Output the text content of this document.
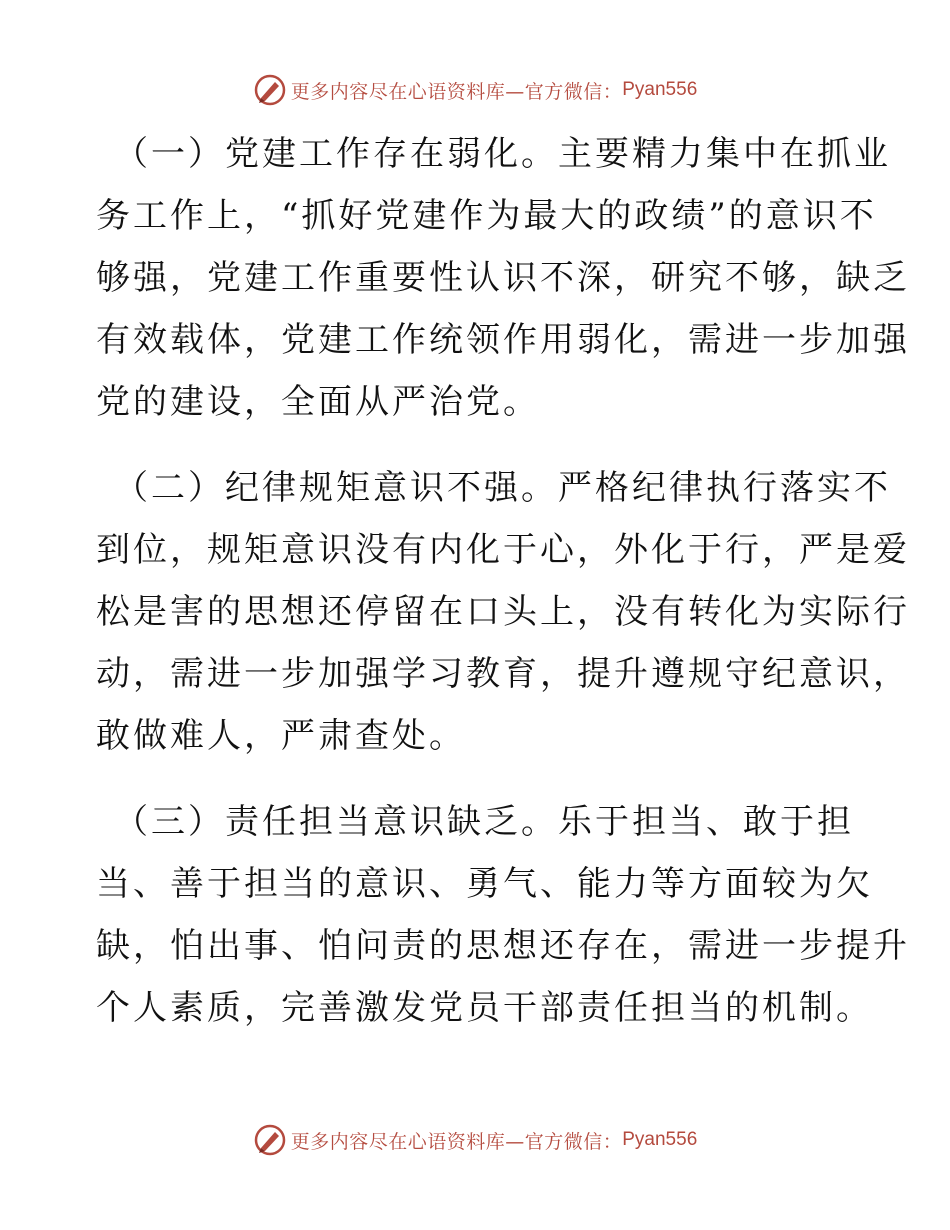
更多内容尽在心语资料库—官方微信： Pyan556

（一）党建工作存在弱化。主要精力集中在抓业
务工作上，“抓好党建作为最大的政绩”的意识不
够强，党建工作重要性认识不深，研究不够，缺乏
有效载体，党建工作统领作用弱化，需进一步加强
党的建设，全面从严治党。

（二）纪律规矩意识不强。严格纪律执行落实不
到位，规矩意识没有内化于心，外化于行，严是爱
松是害的思想还停留在口头上，没有转化为实际行
动，需进一步加强学习教育，提升遵规守纪意识，
敢做难人，严肃查处。

（三）责任担当意识缺乏。乐于担当、敢于担
当、善于担当的意识、勇气、能力等方面较为欠
缺，怕出事、怕问责的思想还存在，需进一步提升
个人素质，完善激发党员干部责任担当的机制。

更多内容尽在心语资料库—官方微信： Pyan556
